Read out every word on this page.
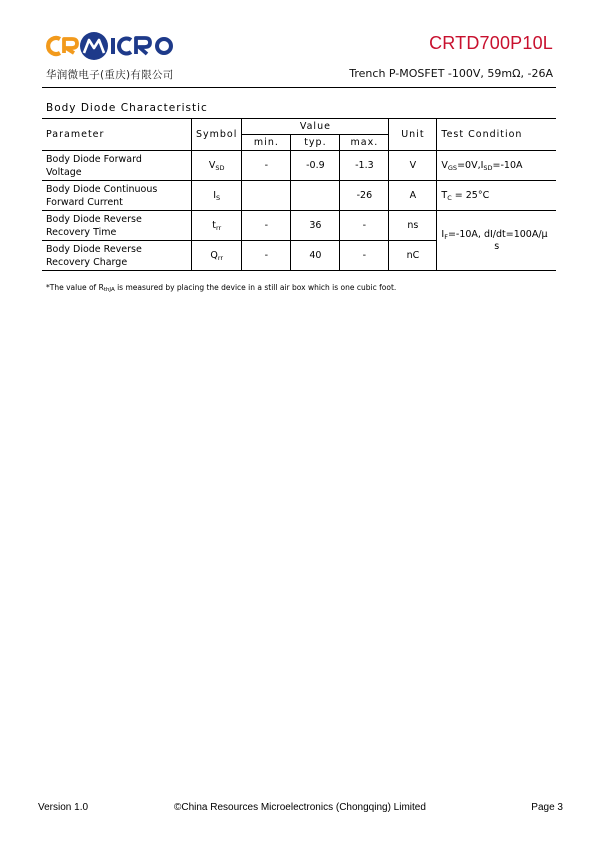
华润微电子(重庆)有限公司
CRTD700P10L
Trench P-MOSFET -100V, 59mΩ, -26A
Body Diode Characteristic
Parameter	Symbol	Value			Unit	Test Condition
		min.	typ.	max.		
Body Diode Forward
Voltage	$V_{SD}$	-	-0.9	-1.3	V	$V_{GS}=0V,I_{SD}=-10A$
Body Diode Continuous
Forward Current	$I_S$			-26	A	$T_C = 25^\circ C$
Body Diode Reverse
Recovery Time	$t_{rr}$	-	36	-	ns	$I_F=-10A$, dI/dt=100A/μ
s

Body Diode Reverse
Recovery Charge	$Q_{rr}$	-	40	-	nC	
*The value of RthJA is measured by placing the device in a still air box which is one cubic foot.
Version 1.0	©China Resources Microelectronics (Chongqing) Limited	Page 3
